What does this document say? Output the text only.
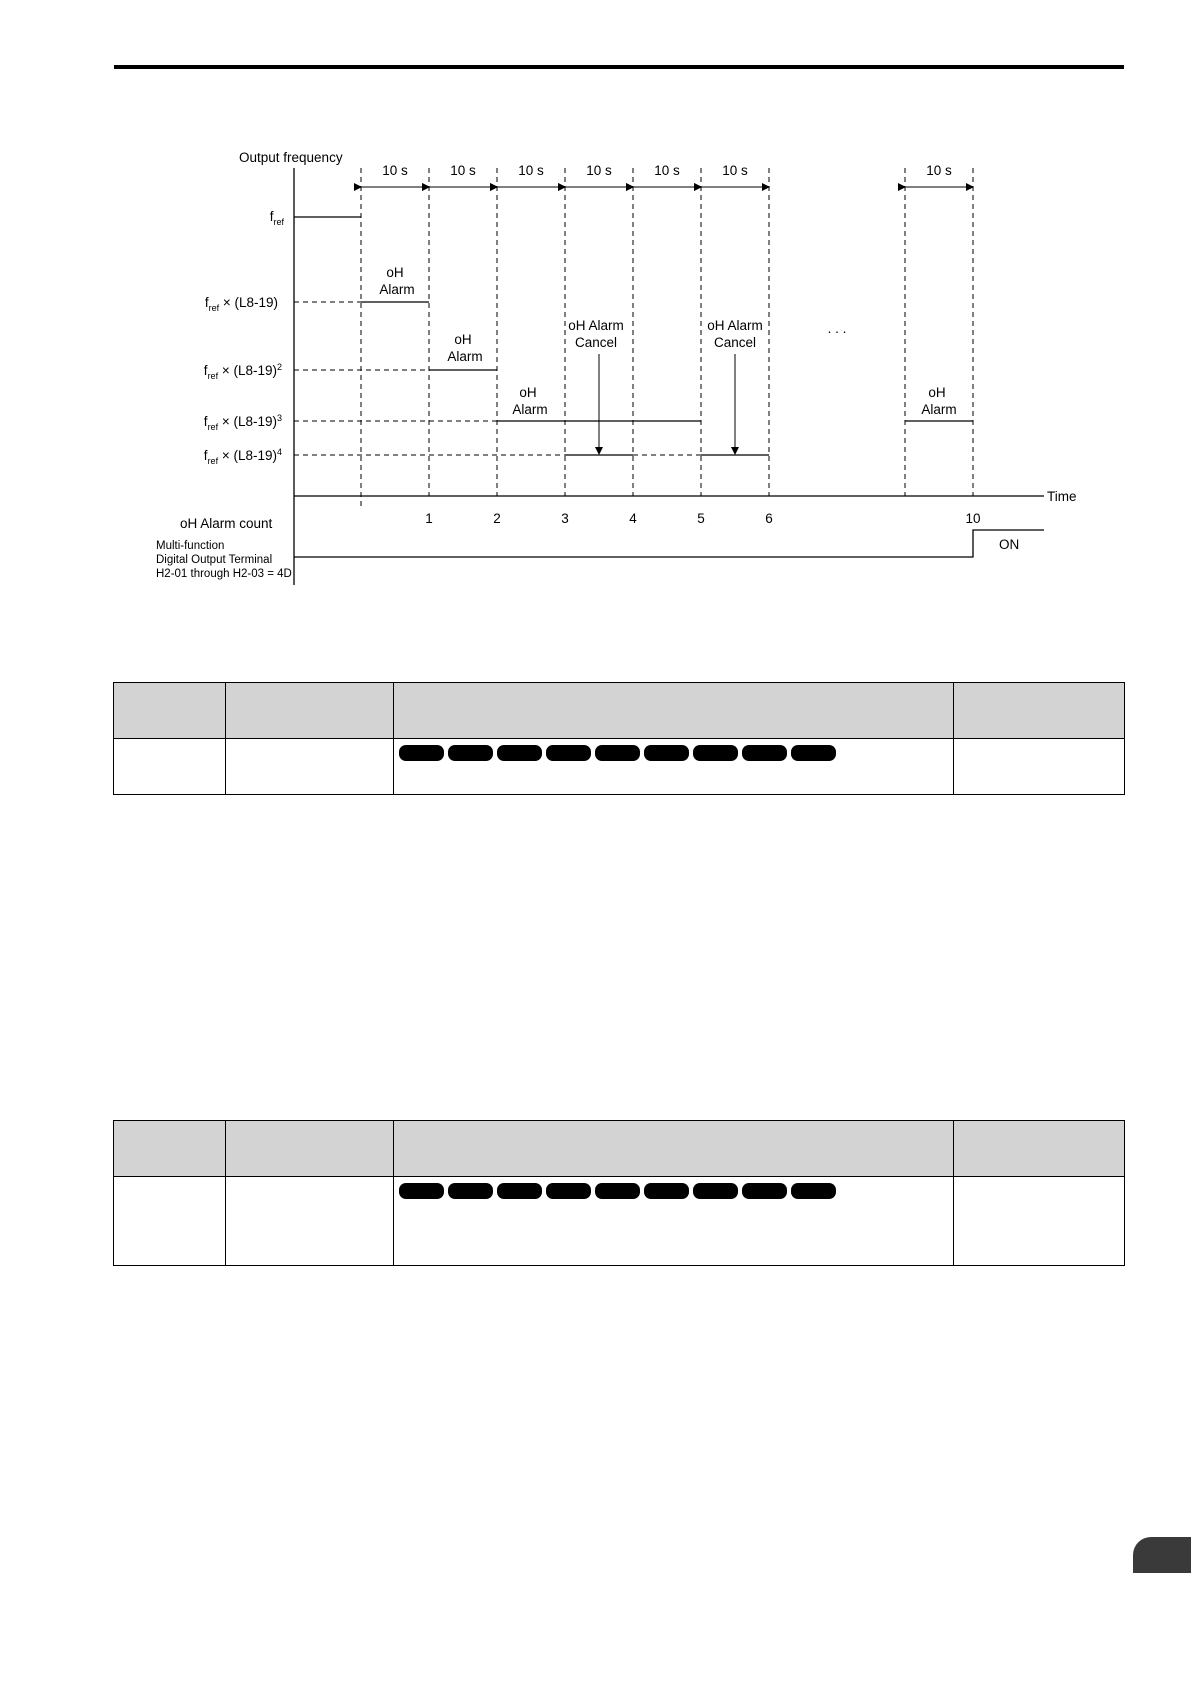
Output frequency
Time
10 s	10 s	10 s	10 s	10 s	10 s	10 s
$f_{ref}$
$f_{ref} \times (L8-19)$
$f_{ref} \times (L8-19)^2$
$f_{ref} \times (L8-19)^3$
$f_{ref} \times (L8-19)^4$
oH
Alarm
oH
Alarm
oH
Alarm
oH
Alarm
oH Alarm
Cancel
oH Alarm
Cancel
. . .
1	2	3	4	5	6	10
oH Alarm count
Multi-function
Digital Output Terminal
H2-01 through H2-03 = 4D
ON
